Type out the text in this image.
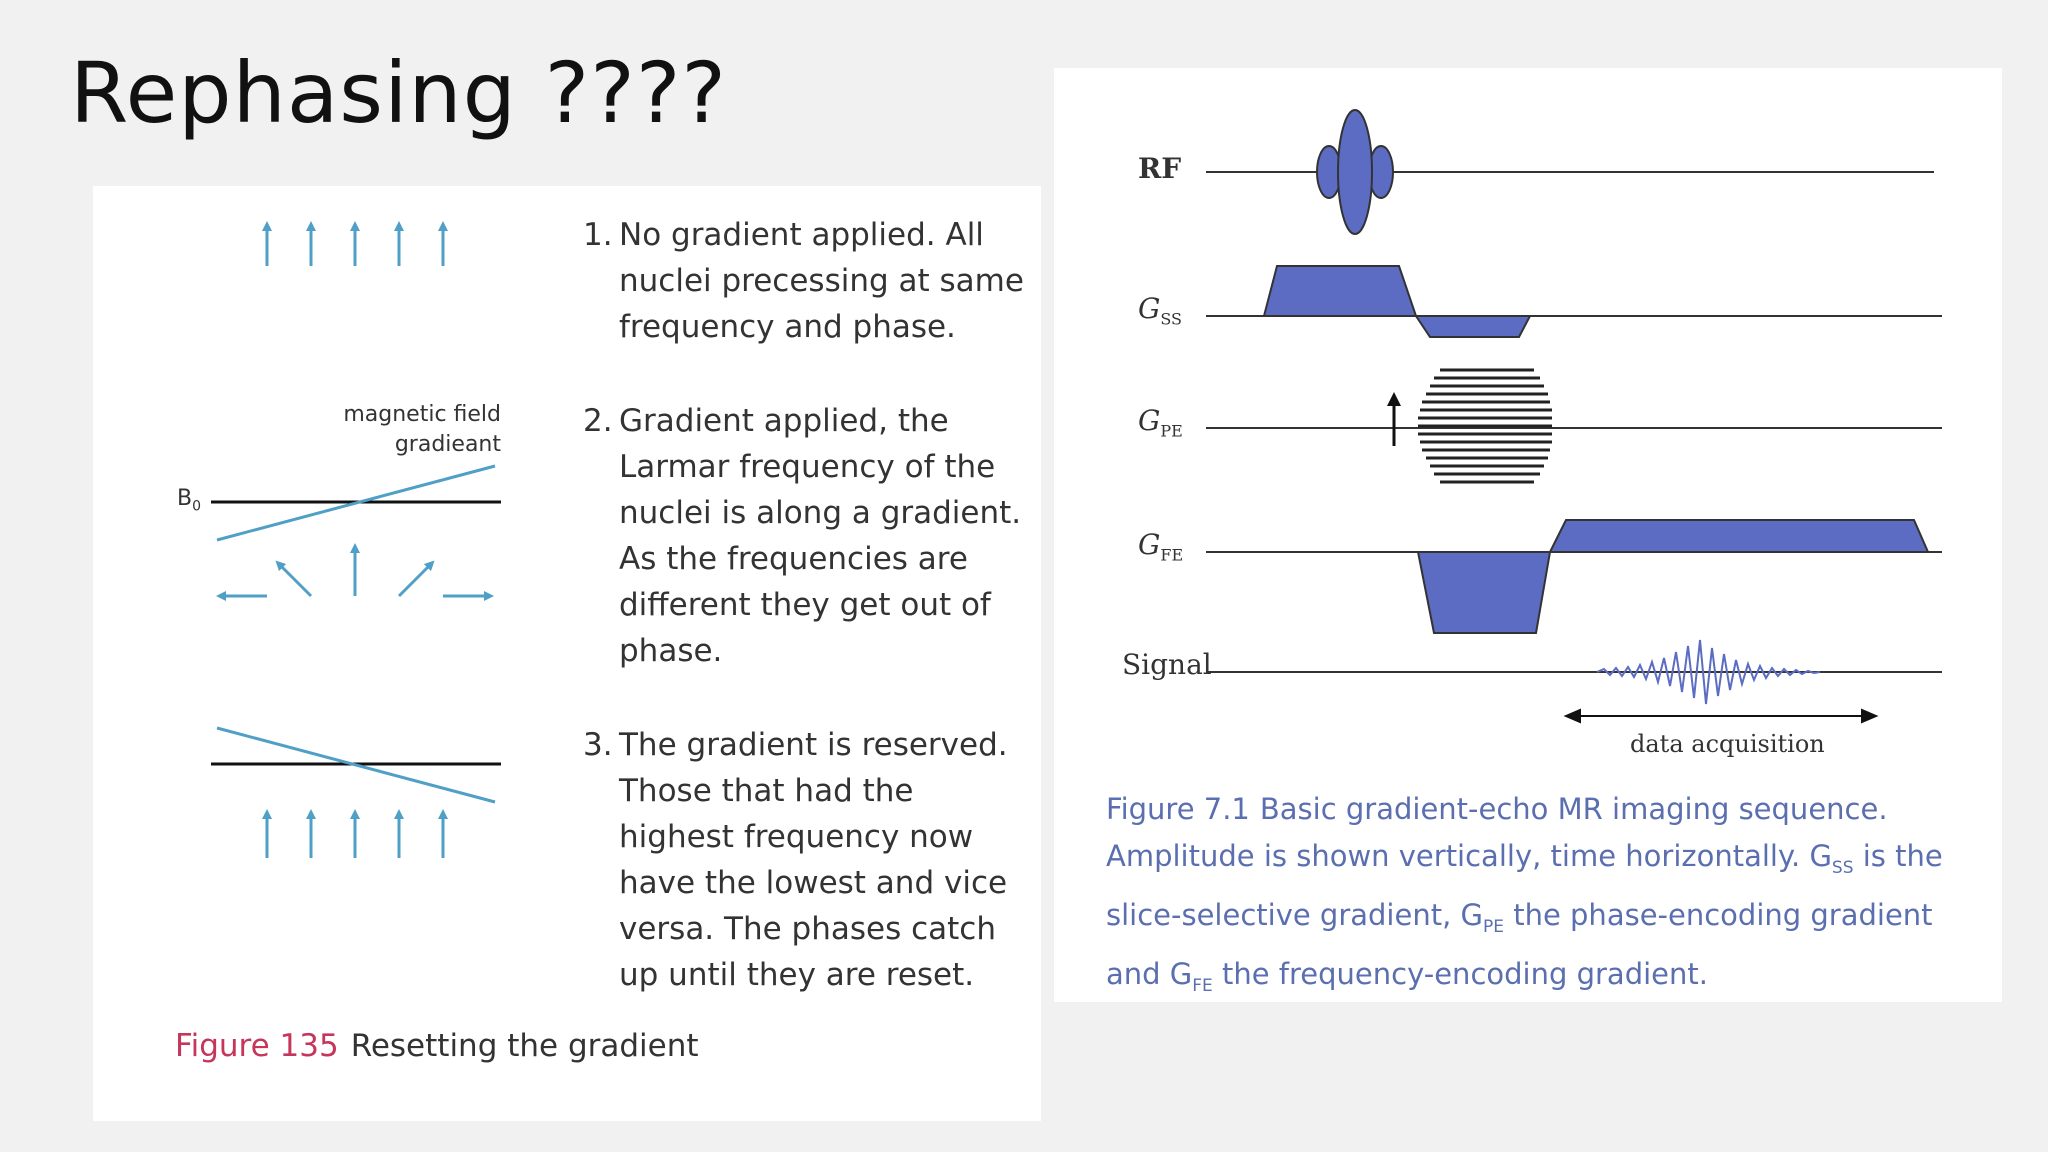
Rephasing ????
magnetic field
gradieant
$B_0$
1. No gradient applied. All nuclei precessing at same frequency and phase.
2. Gradient applied, the Larmar frequency of the nuclei is along a gradient. As the frequencies are different they get out of phase.
3. The gradient is reserved. Those that had the highest frequency now have the lowest and vice versa. The phases catch up until they are reset.
Figure 135 Resetting the gradient
RF
$G_{SS}$
$G_{PE}$
$G_{FE}$
Signal
data acquisition
Figure 7.1 Basic gradient-echo MR imaging sequence. Amplitude is shown vertically, time horizontally. $G_{SS}$ is the slice-selective gradient, $G_{PE}$ the phase-encoding gradient and $G_{FE}$ the frequency-encoding gradient.
